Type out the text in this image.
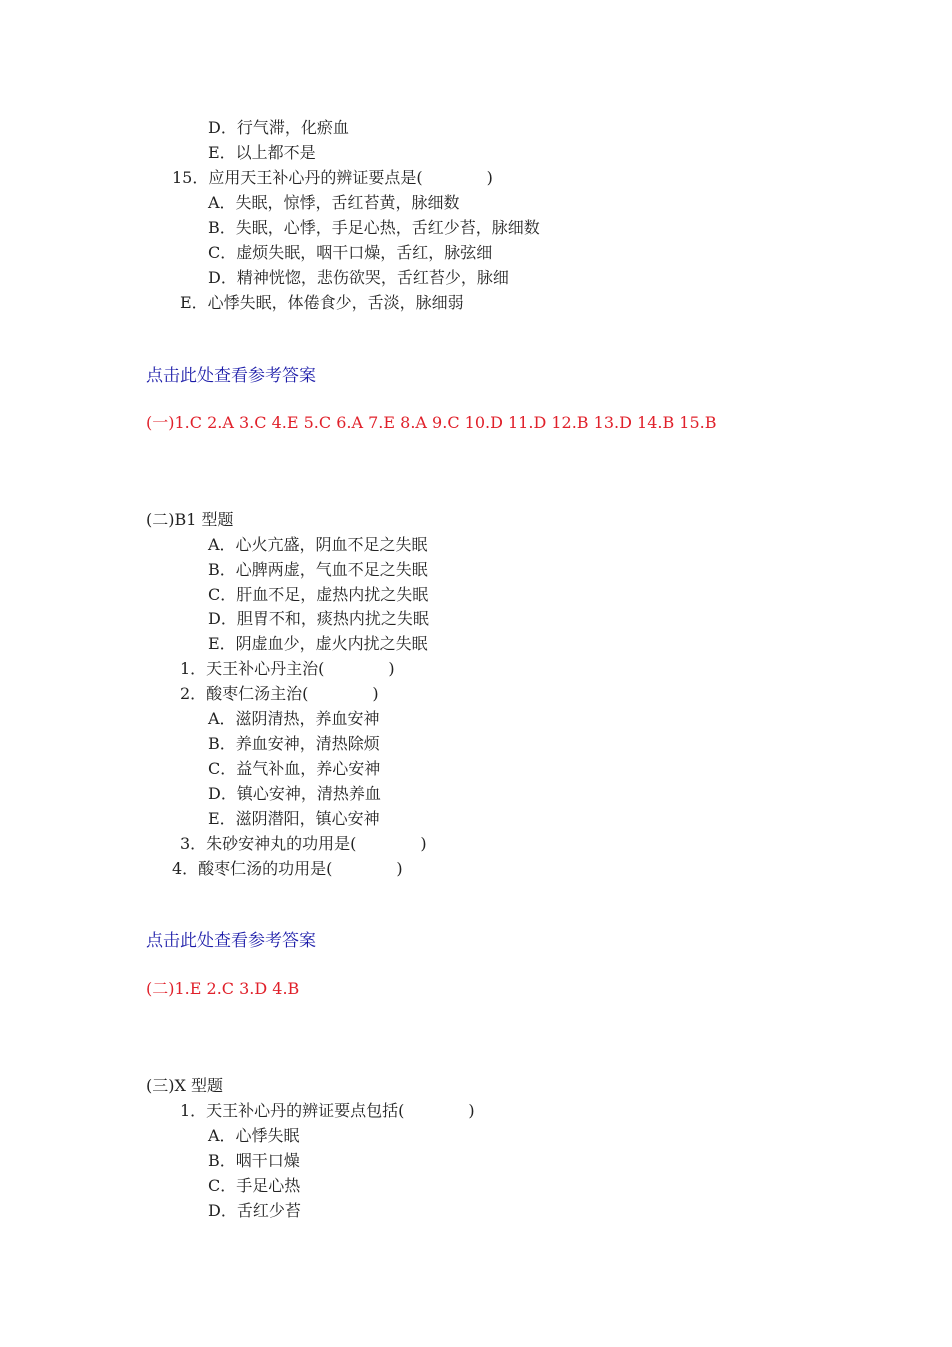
D．行气滞，化瘀血
E．以上都不是
15．应用天王补心丹的辨证要点是(　　　　)
A．失眠，惊悸，舌红苔黄，脉细数
B．失眠，心悸，手足心热，舌红少苔，脉细数
C．虚烦失眠，咽干口燥，舌红，脉弦细
D．精神恍惚，悲伤欲哭，舌红苔少，脉细
E．心悸失眠，体倦食少，舌淡，脉细弱
点击此处查看参考答案
(一)1.C 2.A 3.C 4.E 5.C 6.A 7.E 8.A 9.C 10.D 11.D 12.B 13.D 14.B 15.B
(二)B1 型题
A．心火亢盛，阴血不足之失眠
B．心脾两虚，气血不足之失眠
C．肝血不足，虚热内扰之失眠
D．胆胃不和，痰热内扰之失眠
E．阴虚血少，虚火内扰之失眠
1．天王补心丹主治(　　　　)
2．酸枣仁汤主治(　　　　)
A．滋阴清热，养血安神
B．养血安神，清热除烦
C．益气补血，养心安神
D．镇心安神，清热养血
E．滋阴潜阳，镇心安神
3．朱砂安神丸的功用是(　　　　)
4．酸枣仁汤的功用是(　　　　)
点击此处查看参考答案
(二)1.E 2.C 3.D 4.B
(三)X 型题
1．天王补心丹的辨证要点包括(　　　　)
A．心悸失眠
B．咽干口燥
C．手足心热
D．舌红少苔
